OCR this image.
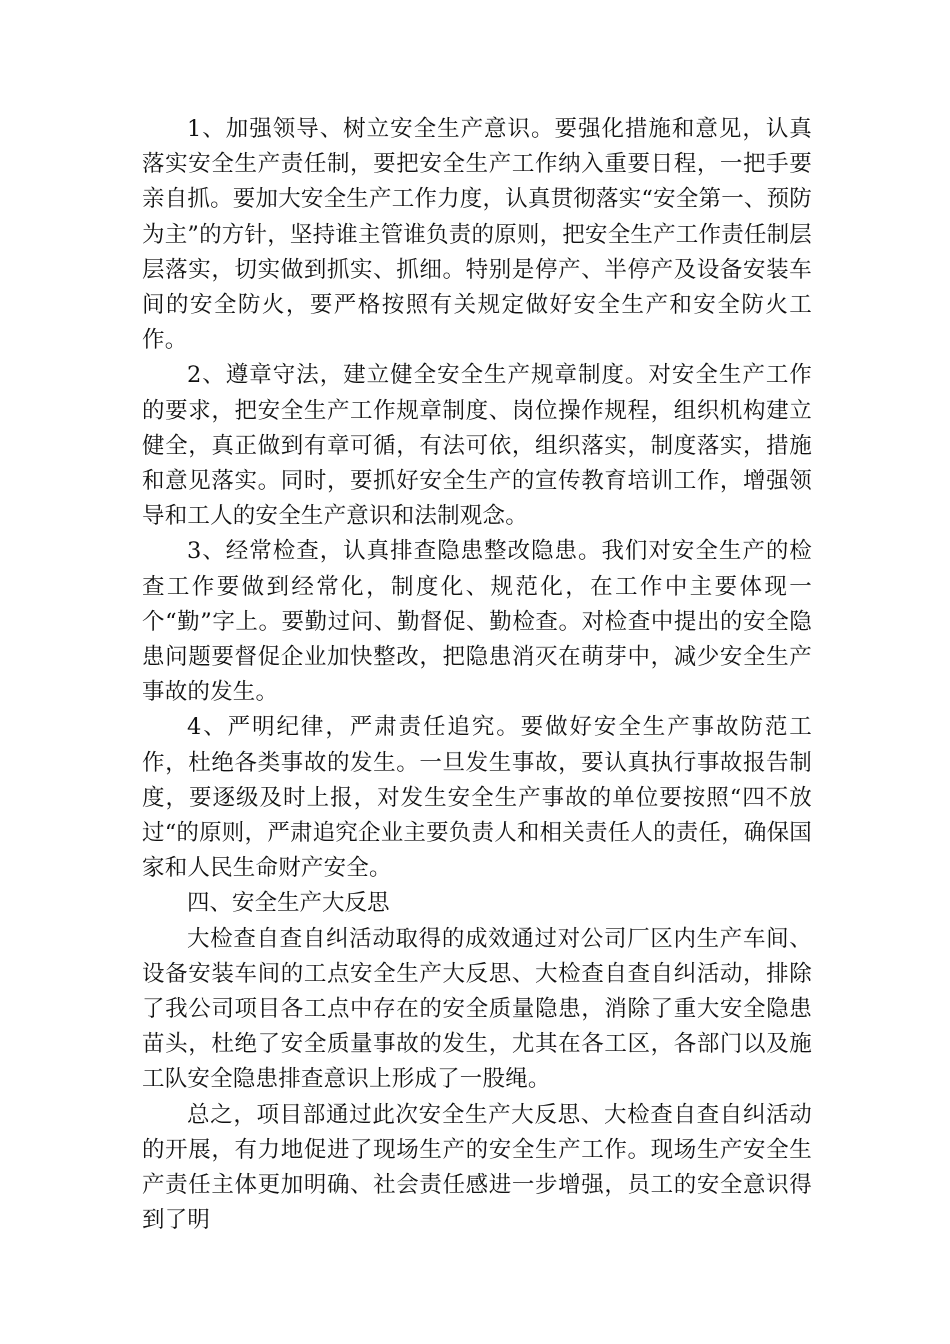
1、加强领导、树立安全生产意识。要强化措施和意见，认真落实安全生产责任制，要把安全生产工作纳入重要日程，一把手要亲自抓。要加大安全生产工作力度，认真贯彻落实“安全第一、预防为主”的方针，坚持谁主管谁负责的原则，把安全生产工作责任制层层落实，切实做到抓实、抓细。特别是停产、半停产及设备安装车间的安全防火，要严格按照有关规定做好安全生产和安全防火工作。

2、遵章守法，建立健全安全生产规章制度。对安全生产工作的要求，把安全生产工作规章制度、岗位操作规程，组织机构建立健全，真正做到有章可循，有法可依，组织落实，制度落实，措施和意见落实。同时，要抓好安全生产的宣传教育培训工作，增强领导和工人的安全生产意识和法制观念。

3、经常检查，认真排查隐患整改隐患。我们对安全生产的检查工作要做到经常化，制度化、规范化，在工作中主要体现一个“勤”字上。要勤过问、勤督促、勤检查。对检查中提出的安全隐患问题要督促企业加快整改，把隐患消灭在萌芽中，减少安全生产事故的发生。

4、严明纪律，严肃责任追究。要做好安全生产事故防范工作，杜绝各类事故的发生。一旦发生事故，要认真执行事故报告制度，要逐级及时上报，对发生安全生产事故的单位要按照“四不放过“的原则，严肃追究企业主要负责人和相关责任人的责任，确保国家和人民生命财产安全。

四、安全生产大反思

大检查自查自纠活动取得的成效通过对公司厂区内生产车间、设备安装车间的工点安全生产大反思、大检查自查自纠活动，排除了我公司项目各工点中存在的安全质量隐患，消除了重大安全隐患苗头，杜绝了安全质量事故的发生，尤其在各工区，各部门以及施工队安全隐患排查意识上形成了一股绳。

总之，项目部通过此次安全生产大反思、大检查自查自纠活动的开展，有力地促进了现场生产的安全生产工作。现场生产安全生产责任主体更加明确、社会责任感进一步增强，员工的安全意识得到了明
